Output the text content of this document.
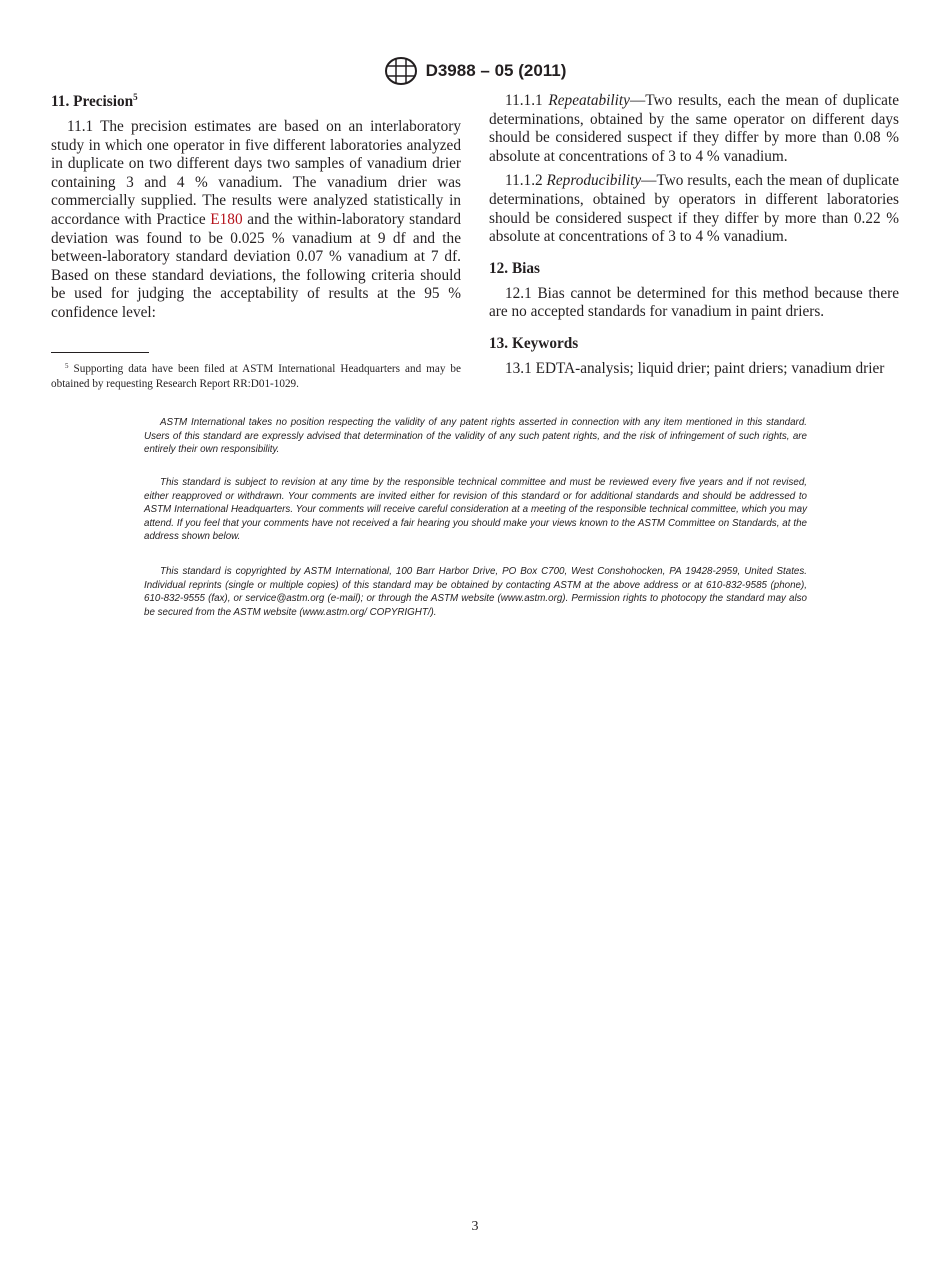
D3988 – 05 (2011)
11. Precision$^5$

11.1 The precision estimates are based on an interlaboratory study in which one operator in five different laboratories analyzed in duplicate on two different days two samples of vanadium drier containing 3 and 4 % vanadium. The vanadium drier was commercially supplied. The results were analyzed statistically in accordance with Practice E180 and the within-laboratory standard deviation was found to be 0.025 % vanadium at 9 df and the between-laboratory standard deviation 0.07 % vanadium at 7 df. Based on these standard deviations, the following criteria should be used for judging the acceptability of results at the 95 % confidence level:

11.1.1 Repeatability—Two results, each the mean of duplicate determinations, obtained by the same operator on different days should be considered suspect if they differ by more than 0.08 % absolute at concentrations of 3 to 4 % vanadium.

11.1.2 Reproducibility—Two results, each the mean of duplicate determinations, obtained by operators in different laboratories should be considered suspect if they differ by more than 0.22 % absolute at concentrations of 3 to 4 % vanadium.

12. Bias

12.1 Bias cannot be determined for this method because there are no accepted standards for vanadium in paint driers.

13. Keywords

13.1 EDTA-analysis; liquid drier; paint driers; vanadium drier

$^5$ Supporting data have been filed at ASTM International Headquarters and may be obtained by requesting Research Report RR:D01-1029.

ASTM International takes no position respecting the validity of any patent rights asserted in connection with any item mentioned in this standard. Users of this standard are expressly advised that determination of the validity of any such patent rights, and the risk of infringement of such rights, are entirely their own responsibility.

This standard is subject to revision at any time by the responsible technical committee and must be reviewed every five years and if not revised, either reapproved or withdrawn. Your comments are invited either for revision of this standard or for additional standards and should be addressed to ASTM International Headquarters. Your comments will receive careful consideration at a meeting of the responsible technical committee, which you may attend. If you feel that your comments have not received a fair hearing you should make your views known to the ASTM Committee on Standards, at the address shown below.

This standard is copyrighted by ASTM International, 100 Barr Harbor Drive, PO Box C700, West Conshohocken, PA 19428-2959, United States. Individual reprints (single or multiple copies) of this standard may be obtained by contacting ASTM at the above address or at 610-832-9585 (phone), 610-832-9555 (fax), or service@astm.org (e-mail); or through the ASTM website (www.astm.org). Permission rights to photocopy the standard may also be secured from the ASTM website (www.astm.org/ COPYRIGHT/).

3
